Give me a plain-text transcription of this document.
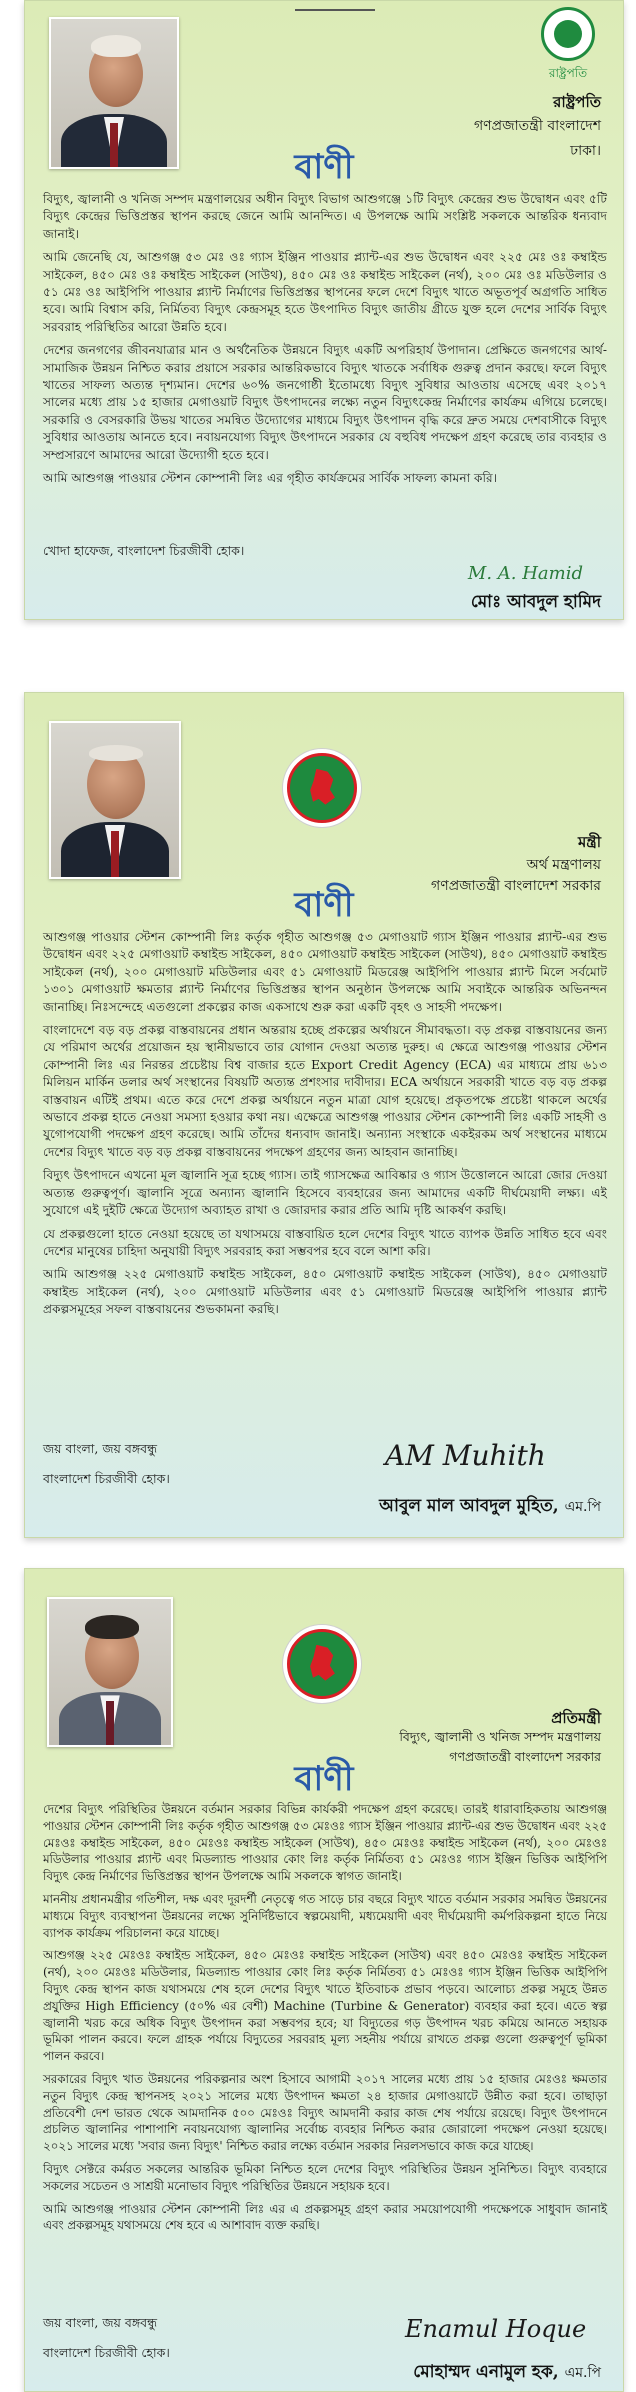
রাষ্ট্রপতি
রাষ্ট্রপতি
গণপ্রজাতন্ত্রী বাংলাদেশ
ঢাকা।
বাণী

বিদ্যুৎ, জ্বালানী ও খনিজ সম্পদ মন্ত্রণালয়ের অধীন বিদ্যুৎ বিভাগ আশুগঞ্জে ১টি বিদ্যুৎ কেন্দ্রের শুভ উদ্বোধন এবং ৫টি বিদ্যুৎ কেন্দ্রের ভিত্তিপ্রস্তর স্থাপন করছে জেনে আমি আনন্দিত। এ উপলক্ষে আমি সংশ্লিষ্ট সকলকে আন্তরিক ধন্যবাদ জানাই।

আমি জেনেছি যে, আশুগঞ্জ ৫৩ মেঃ ওঃ গ্যাস ইঞ্জিন পাওয়ার প্ল্যান্ট-এর শুভ উদ্বোধন এবং ২২৫ মেঃ ওঃ কম্বাইন্ড সাইকেল, ৪৫০ মেঃ ওঃ কম্বাইন্ড সাইকেল (সাউথ), ৪৫০ মেঃ ওঃ কম্বাইন্ড সাইকেল (নর্থ), ২০০ মেঃ ওঃ মডিউলার ও ৫১ মেঃ ওঃ আইপিপি পাওয়ার প্ল্যান্ট নির্মাণের ভিত্তিপ্রস্তর স্থাপনের ফলে দেশে বিদ্যুৎ খাতে অভূতপূর্ব অগ্রগতি সাধিত হবে। আমি বিশ্বাস করি, নির্মিতব্য বিদ্যুৎ কেন্দ্রসমূহ হতে উৎপাদিত বিদ্যুৎ জাতীয় গ্রীডে যুক্ত হলে দেশের সার্বিক বিদ্যুৎ সরবরাহ পরিস্থিতির আরো উন্নতি হবে।

দেশের জনগণের জীবনযাত্রার মান ও অর্থনৈতিক উন্নয়নে বিদ্যুৎ একটি অপরিহার্য উপাদান। প্রেক্ষিতে জনগণের আর্থ-সামাজিক উন্নয়ন নিশ্চিত করার প্রয়াসে সরকার আন্তরিকভাবে বিদ্যুৎ খাতকে সর্বাধিক গুরুত্ব প্রদান করছে। ফলে বিদ্যুৎ খাতের সাফল্য অত্যন্ত দৃশ্যমান। দেশের ৬০% জনগোষ্ঠী ইতোমধ্যে বিদ্যুৎ সুবিধার আওতায় এসেছে এবং ২০১৭ সালের মধ্যে প্রায় ১৫ হাজার মেগাওয়াট বিদ্যুৎ উৎপাদনের লক্ষ্যে নতুন বিদ্যুৎকেন্দ্র নির্মাণের কার্যক্রম এগিয়ে চলেছে। সরকারি ও বেসরকারি উভয় খাতের সমন্বিত উদ্যোগের মাধ্যমে বিদ্যুৎ উৎপাদন বৃদ্ধি করে দ্রুত সময়ে দেশবাসীকে বিদ্যুৎ সুবিধার আওতায় আনতে হবে। নবায়নযোগ্য বিদ্যুৎ উৎপাদনে সরকার যে বহুবিধ পদক্ষেপ গ্রহণ করেছে তার ব্যবহার ও সম্প্রসারণে আমাদের আরো উদ্যোগী হতে হবে।

আমি আশুগঞ্জ পাওয়ার স্টেশন কোম্পানী লিঃ এর গৃহীত কার্যক্রমের সার্বিক সাফল্য কামনা করি।

খোদা হাফেজ, বাংলাদেশ চিরজীবী হোক।
M. A. Hamid
মোঃ আবদুল হামিদ
মন্ত্রী
অর্থ মন্ত্রণালয়
গণপ্রজাতন্ত্রী বাংলাদেশ সরকার
বাণী

আশুগঞ্জ পাওয়ার স্টেশন কোম্পানী লিঃ কর্তৃক গৃহীত আশুগঞ্জ ৫৩ মেগাওয়াট গ্যাস ইঞ্জিন পাওয়ার প্ল্যান্ট-এর শুভ উদ্বোধন এবং ২২৫ মেগাওয়াট কম্বাইন্ড সাইকেল, ৪৫০ মেগাওয়াট কম্বাইন্ড সাইকেল (সাউথ), ৪৫০ মেগাওয়াট কম্বাইন্ড সাইকেল (নর্থ), ২০০ মেগাওয়াট মডিউলার এবং ৫১ মেগাওয়াট মিডরেঞ্জ আইপিপি পাওয়ার প্ল্যান্ট মিলে সর্বমোট ১৩০১ মেগাওয়াট ক্ষমতার প্ল্যান্ট নির্মাণের ভিত্তিপ্রস্তর স্থাপন অনুষ্ঠান উপলক্ষে আমি সবাইকে আন্তরিক অভিনন্দন জানাচ্ছি। নিঃসন্দেহে এতগুলো প্রকল্পের কাজ একসাথে শুরু করা একটি বৃহৎ ও সাহসী পদক্ষেপ।

বাংলাদেশে বড় বড় প্রকল্প বাস্তবায়নের প্রধান অন্তরায় হচ্ছে প্রকল্পের অর্থায়নে সীমাবদ্ধতা। বড় প্রকল্প বাস্তবায়নের জন্য যে পরিমাণ অর্থের প্রয়োজন হয় স্থানীয়ভাবে তার যোগান দেওয়া অত্যন্ত দুরুহ। এ ক্ষেত্রে আশুগঞ্জ পাওয়ার স্টেশন কোম্পানী লিঃ এর নিরন্তর প্রচেষ্টায় বিশ্ব বাজার হতে Export Credit Agency (ECA) এর মাধ্যমে প্রায় ৬১৩ মিলিয়ন মার্কিন ডলার অর্থ সংস্থানের বিষয়টি অত্যন্ত প্রশংসার দাবীদার। ECA অর্থায়নে সরকারী খাতে বড় বড় প্রকল্প বাস্তবায়ন এটিই প্রথম। এতে করে দেশে প্রকল্প অর্থায়নে নতুন মাত্রা যোগ হয়েছে। প্রকৃতপক্ষে প্রচেষ্টা থাকলে অর্থের অভাবে প্রকল্প হাতে নেওয়া সমস্যা হওয়ার কথা নয়। এক্ষেত্রে আশুগঞ্জ পাওয়ার স্টেশন কোম্পানী লিঃ একটি সাহসী ও যুগোপযোগী পদক্ষেপ গ্রহণ করেছে। আমি তাঁদের ধন্যবাদ জানাই। অন্যান্য সংস্থাকে একইরকম অর্থ সংস্থানের মাধ্যমে দেশের বিদ্যুৎ খাতে বড় বড় প্রকল্প বাস্তবায়নের পদক্ষেপ গ্রহণের জন্য আহবান জানাচ্ছি।

বিদ্যুৎ উৎপাদনে এখনো মূল জ্বালানি সূত্র হচ্ছে গ্যাস। তাই গ্যাসক্ষেত্র আবিষ্কার ও গ্যাস উত্তোলনে আরো জোর দেওয়া অত্যন্ত গুরুত্বপূর্ণ। জ্বালানি সূত্রে অন্যান্য জ্বালানি হিসেবে ব্যবহারের জন্য আমাদের একটি দীর্ঘমেয়াদী লক্ষ্য। এই সুযোগে এই দুইটি ক্ষেত্রে উদ্যোগ অব্যাহত রাখা ও জোরদার করার প্রতি আমি দৃষ্টি আকর্ষণ করছি।

যে প্রকল্পগুলো হাতে নেওয়া হয়েছে তা যথাসময়ে বাস্তবায়িত হলে দেশের বিদ্যুৎ খাতে ব্যাপক উন্নতি সাধিত হবে এবং দেশের মানুষের চাহিদা অনুযায়ী বিদ্যুৎ সরবরাহ করা সম্ভবপর হবে বলে আশা করি।

আমি আশুগঞ্জ ২২৫ মেগাওয়াট কম্বাইন্ড সাইকেল, ৪৫০ মেগাওয়াট কম্বাইন্ড সাইকেল (সাউথ), ৪৫০ মেগাওয়াট কম্বাইন্ড সাইকেল (নর্থ), ২০০ মেগাওয়াট মডিউলার এবং ৫১ মেগাওয়াট মিডরেঞ্জ আইপিপি পাওয়ার প্ল্যান্ট প্রকল্পসমূহের সফল বাস্তবায়নের শুভকামনা করছি।

জয় বাংলা, জয় বঙ্গবন্ধু
বাংলাদেশ চিরজীবী হোক।
AM Muhith
আবুল মাল আবদুল মুহিত, এম.পি
প্রতিমন্ত্রী
বিদ্যুৎ, জ্বালানী ও খনিজ সম্পদ মন্ত্রণালয়
গণপ্রজাতন্ত্রী বাংলাদেশ সরকার
বাণী

দেশের বিদ্যুৎ পরিস্থিতির উন্নয়নে বর্তমান সরকার বিভিন্ন কার্যকরী পদক্ষেপ গ্রহণ করেছে। তারই ধারাবাহিকতায় আশুগঞ্জ পাওয়ার স্টেশন কোম্পানী লিঃ কর্তৃক গৃহীত আশুগঞ্জ ৫৩ মেঃওঃ গ্যাস ইঞ্জিন পাওয়ার প্ল্যান্ট-এর শুভ উদ্বোধন এবং ২২৫ মেঃওঃ কম্বাইন্ড সাইকেল, ৪৫০ মেঃওঃ কম্বাইন্ড সাইকেল (সাউথ), ৪৫০ মেঃওঃ কম্বাইন্ড সাইকেল (নর্থ), ২০০ মেঃওঃ মডিউলার পাওয়ার প্ল্যান্ট এবং মিডল্যান্ড পাওয়ার কোং লিঃ কর্তৃক নির্মিতব্য ৫১ মেঃওঃ গ্যাস ইঞ্জিন ভিত্তিক আইপিপি বিদ্যুৎ কেন্দ্র নির্মাণের ভিত্তিপ্রস্তর স্থাপন উপলক্ষে আমি সকলকে স্বাগত জানাই।

মাননীয় প্রধানমন্ত্রীর গতিশীল, দক্ষ এবং দূরদর্শী নেতৃত্বে গত সাড়ে চার বছরে বিদ্যুৎ খাতে বর্তমান সরকার সমন্বিত উন্নয়নের মাধ্যমে বিদ্যুৎ ব্যবস্থাপনা উন্নয়নের লক্ষ্যে সুনির্দিষ্টভাবে স্বল্পমেয়াদী, মধ্যমেয়াদী এবং দীর্ঘমেয়াদী কর্মপরিকল্পনা হাতে নিয়ে ব্যাপক কার্যক্রম পরিচালনা করে যাচ্ছে।

আশুগঞ্জ ২২৫ মেঃওঃ কম্বাইন্ড সাইকেল, ৪৫০ মেঃওঃ কম্বাইন্ড সাইকেল (সাউথ) এবং ৪৫০ মেঃওঃ কম্বাইন্ড সাইকেল (নর্থ), ২০০ মেঃওঃ মডিউলার, মিডল্যান্ড পাওয়ার কোং লিঃ কর্তৃক নির্মিতব্য ৫১ মেঃওঃ গ্যাস ইঞ্জিন ভিত্তিক আইপিপি বিদ্যুৎ কেন্দ্র স্থাপন কাজ যথাসময়ে শেষ হলে দেশের বিদ্যুৎ খাতে ইতিবাচক প্রভাব পড়বে। আলোচ্য প্রকল্প সমূহে উন্নত প্রযুক্তির High Efficiency (৫০% এর বেশী) Machine (Turbine & Generator) ব্যবহার করা হবে। এতে স্বল্প জ্বালানী খরচ করে অধিক বিদ্যুৎ উৎপাদন করা সম্ভবপর হবে; যা বিদ্যুতের গড় উৎপাদন খরচ কমিয়ে আনতে সহায়ক ভূমিকা পালন করবে। ফলে গ্রাহক পর্যায়ে বিদ্যুতের সরবরাহ মূল্য সহনীয় পর্যায়ে রাখতে প্রকল্প গুলো গুরুত্বপূর্ণ ভূমিকা পালন করবে।

সরকারের বিদ্যুৎ খাত উন্নয়নের পরিকল্পনার অংশ হিসাবে আগামী ২০১৭ সালের মধ্যে প্রায় ১৫ হাজার মেঃওঃ ক্ষমতার নতুন বিদ্যুৎ কেন্দ্র স্থাপনসহ ২০২১ সালের মধ্যে উৎপাদন ক্ষমতা ২৪ হাজার মেগাওয়াটে উন্নীত করা হবে। তাছাড়া প্রতিবেশী দেশ ভারত থেকে আমদানিক ৫০০ মেঃওঃ বিদ্যুৎ আমদানী করার কাজ শেষ পর্যায়ে রয়েছে। বিদ্যুৎ উৎপাদনে প্রচলিত জ্বালানির পাশাপাশি নবায়নযোগ্য জ্বালানির সর্বোচ্চ ব্যবহার নিশ্চিত করার জোরালো পদক্ষেপ নেওয়া হয়েছে। ২০২১ সালের মধ্যে 'সবার জন্য বিদ্যুৎ' নিশ্চিত করার লক্ষ্যে বর্তমান সরকার নিরলসভাবে কাজ করে যাচ্ছে।

বিদ্যুৎ সেক্টরে কর্মরত সকলের আন্তরিক ভূমিকা নিশ্চিত হলে দেশের বিদ্যুৎ পরিস্থিতির উন্নয়ন সুনিশ্চিত। বিদ্যুৎ ব্যবহারে সকলের সচেতন ও সাশ্রয়ী মনোভাব বিদ্যুৎ পরিস্থিতির উন্নয়নে সহায়ক হবে।

আমি আশুগঞ্জ পাওয়ার স্টেশন কোম্পানী লিঃ এর এ প্রকল্পসমূহ গ্রহণ করার সময়োপযোগী পদক্ষেপকে সাধুবাদ জানাই এবং প্রকল্পসমূহ যথাসময়ে শেষ হবে এ আশাবাদ ব্যক্ত করছি।

জয় বাংলা, জয় বঙ্গবন্ধু
বাংলাদেশ চিরজীবী হোক।
Enamul Hoque
মোহাম্মদ এনামুল হক, এম.পি
